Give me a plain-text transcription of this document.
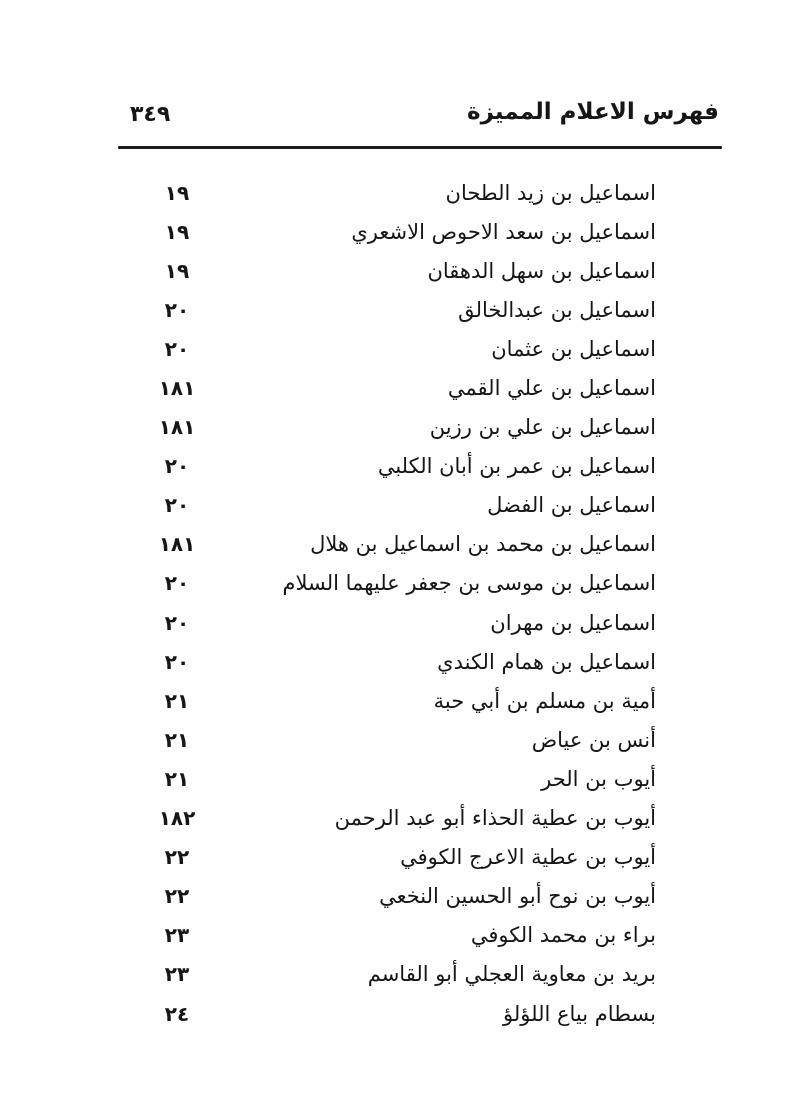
٣٤٩	فهرس الاعلام المميزة
اسماعيل بن زيد الطحان
١٩
اسماعيل بن سعد الاحوص الاشعري
١٩
اسماعيل بن سهل الدهقان
١٩
اسماعيل بن عبدالخالق
٢٠
اسماعيل بن عثمان
٢٠
اسماعيل بن علي القمي
١٨١
اسماعيل بن علي بن رزين
١٨١
اسماعيل بن عمر بن أبان الكلبي
٢٠
اسماعيل بن الفضل
٢٠
اسماعيل بن محمد بن اسماعيل بن هلال
١٨١
اسماعيل بن موسى بن جعفر عليهما السلام
٢٠
اسماعيل بن مهران
٢٠
اسماعيل بن همام الكندي
٢٠
أمية بن مسلم بن أبي حبة
٢١
أنس بن عياض
٢١
أيوب بن الحر
٢١
أيوب بن عطية الحذاء أبو عبد الرحمن
١٨٢
أيوب بن عطية الاعرج الكوفي
٢٢
أيوب بن نوح أبو الحسين النخعي
٢٢
براء بن محمد الكوفي
٢٣
بريد بن معاوية العجلي أبو القاسم
٢٣
بسطام بياع اللؤلؤ
٢٤
